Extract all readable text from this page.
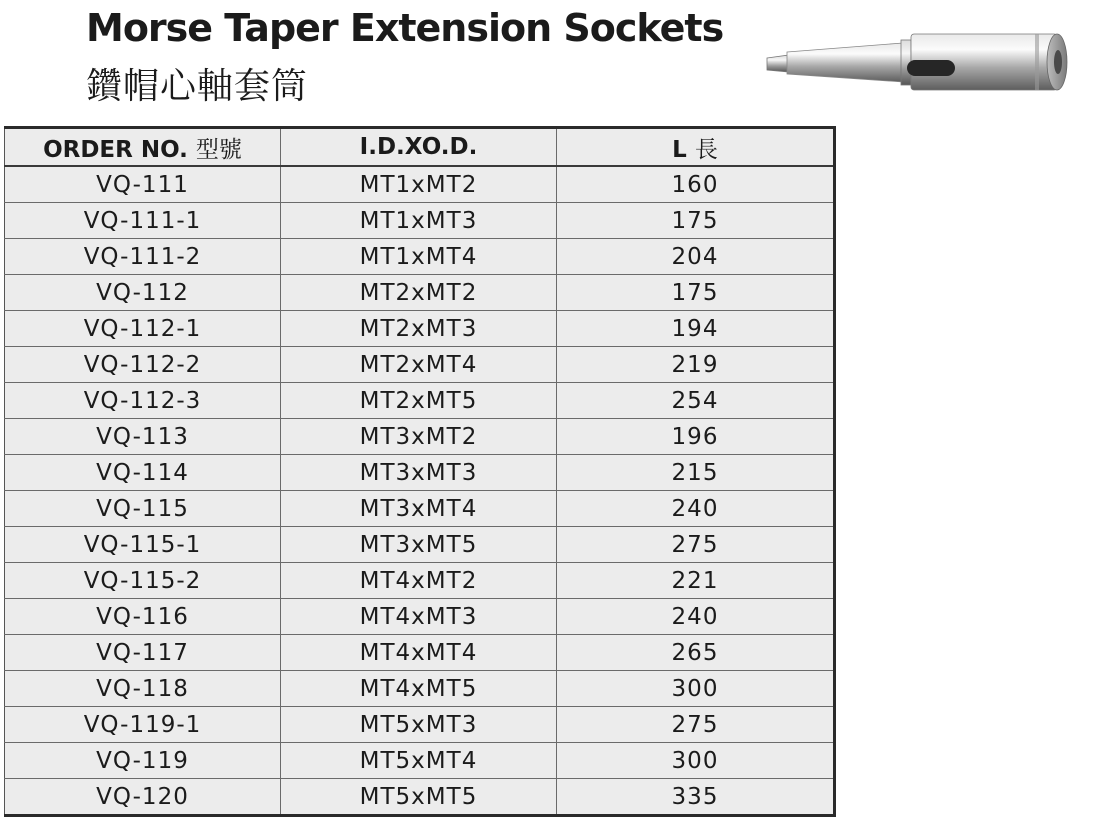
Morse Taper Extension Sockets
鑽帽心軸套筒
ORDER NO. 型號	I.D.XO.D.	L 長
VQ-111	MT1xMT2	160
VQ-111-1	MT1xMT3	175
VQ-111-2	MT1xMT4	204
VQ-112	MT2xMT2	175
VQ-112-1	MT2xMT3	194
VQ-112-2	MT2xMT4	219
VQ-112-3	MT2xMT5	254
VQ-113	MT3xMT2	196
VQ-114	MT3xMT3	215
VQ-115	MT3xMT4	240
VQ-115-1	MT3xMT5	275
VQ-115-2	MT4xMT2	221
VQ-116	MT4xMT3	240
VQ-117	MT4xMT4	265
VQ-118	MT4xMT5	300
VQ-119-1	MT5xMT3	275
VQ-119	MT5xMT4	300
VQ-120	MT5xMT5	335
